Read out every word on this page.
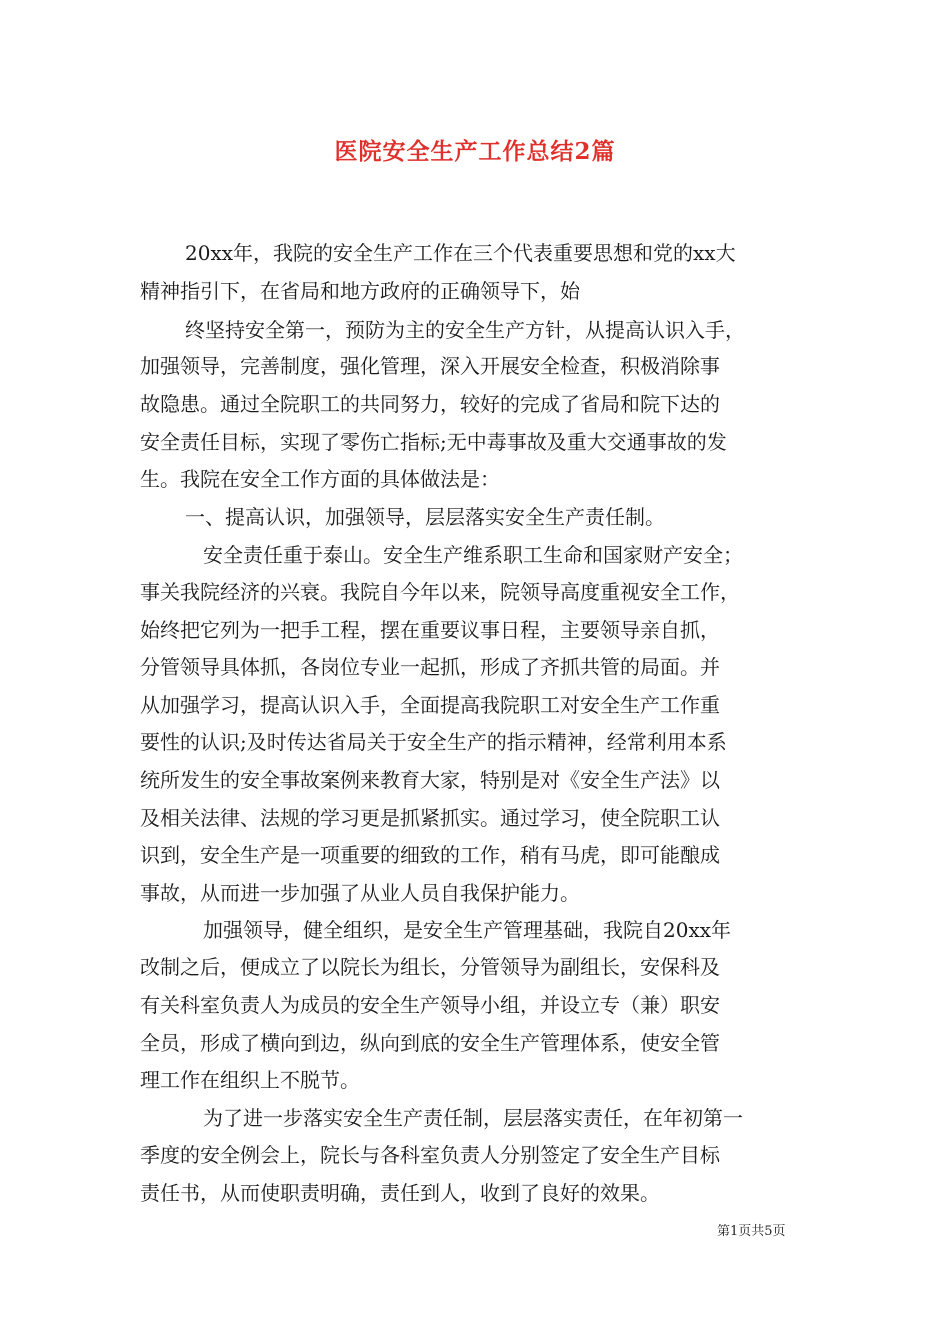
医院安全生产工作总结2篇
20xx年，我院的安全生产工作在三个代表重要思想和党的xx大
精神指引下，在省局和地方政府的正确领导下，始
终坚持安全第一，预防为主的安全生产方针，从提高认识入手，
加强领导，完善制度，强化管理，深入开展安全检查，积极消除事
故隐患。通过全院职工的共同努力，较好的完成了省局和院下达的
安全责任目标，实现了零伤亡指标;无中毒事故及重大交通事故的发
生。我院在安全工作方面的具体做法是：
一、提高认识，加强领导，层层落实安全生产责任制。
安全责任重于泰山。安全生产维系职工生命和国家财产安全；
事关我院经济的兴衰。我院自今年以来，院领导高度重视安全工作，
始终把它列为一把手工程，摆在重要议事日程，主要领导亲自抓，
分管领导具体抓，各岗位专业一起抓，形成了齐抓共管的局面。并
从加强学习，提高认识入手，全面提高我院职工对安全生产工作重
要性的认识;及时传达省局关于安全生产的指示精神，经常利用本系
统所发生的安全事故案例来教育大家，特别是对《安全生产法》以
及相关法律、法规的学习更是抓紧抓实。通过学习，使全院职工认
识到，安全生产是一项重要的细致的工作，稍有马虎，即可能酿成
事故，从而进一步加强了从业人员自我保护能力。
加强领导，健全组织，是安全生产管理基础，我院自20xx年
改制之后，便成立了以院长为组长，分管领导为副组长，安保科及
有关科室负责人为成员的安全生产领导小组，并设立专（兼）职安
全员，形成了横向到边，纵向到底的安全生产管理体系，使安全管
理工作在组织上不脱节。
为了进一步落实安全生产责任制，层层落实责任，在年初第一
季度的安全例会上，院长与各科室负责人分别签定了安全生产目标
责任书，从而使职责明确，责任到人，收到了良好的效果。
第1页共5页
